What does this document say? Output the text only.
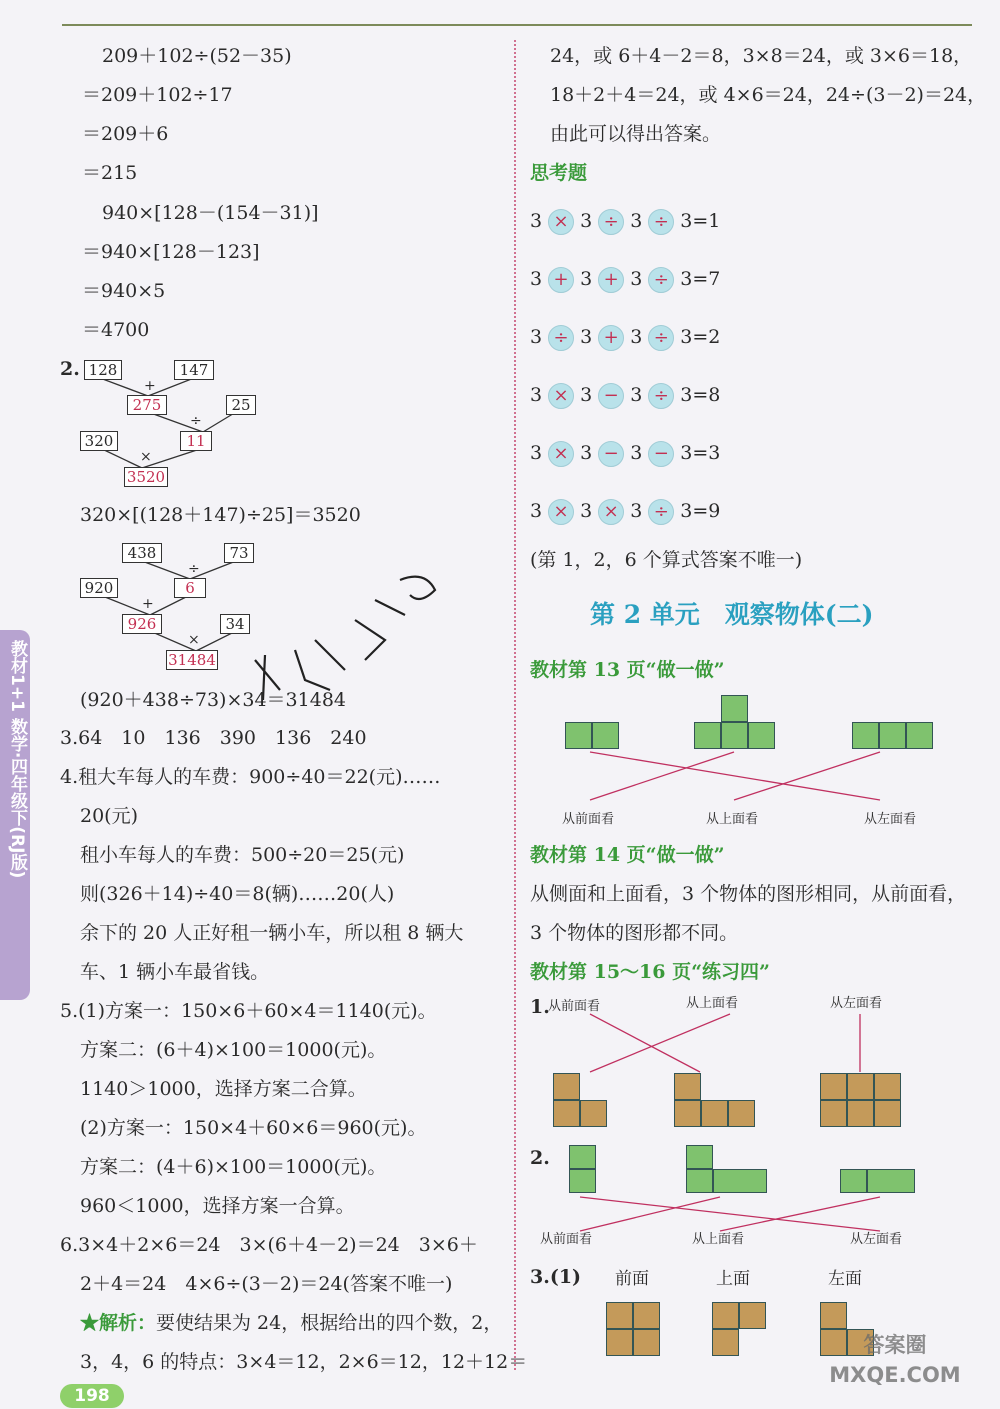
教材1+1 数学·四年级下(RJ版)
209＋102÷(52－35)
＝209＋102÷17
＝209＋6
＝215
940×[128－(154－31)]
＝940×[128－123]
＝940×5
＝4700
2. 128	147
+
275	25
÷
320	11
×
3520
320×[(128＋147)÷25]＝3520
438	73
÷
920	6
+
926	34
×
31484
(920＋438÷73)×34＝31484
3.64　10　136　390　136　240
4.租大车每人的车费：900÷40＝22(元)……
20(元)
租小车每人的车费：500÷20＝25(元)
则(326＋14)÷40＝8(辆)……20(人)
余下的 20 人正好租一辆小车，所以租 8 辆大
车、1 辆小车最省钱。
5.(1)方案一：150×6＋60×4＝1140(元)。
方案二：(6＋4)×100＝1000(元)。
1140＞1000，选择方案二合算。
(2)方案一：150×4＋60×6＝960(元)。
方案二：(4＋6)×100＝1000(元)。
960＜1000，选择方案一合算。
6.3×4＋2×6＝24　3×(6＋4－2)＝24　3×6＋
2＋4＝24　4×6÷(3－2)＝24(答案不唯一)
★解析：要使结果为 24，根据给出的四个数，2，
3，4，6 的特点：3×4＝12，2×6＝12，12＋12＝
198
24，或 6＋4－2＝8，3×8＝24，或 3×6＝18，
18＋2＋4＝24，或 4×6＝24，24÷(3－2)＝24，
由此可以得出答案。
思考题
3 × 3 ÷ 3 ÷ 3=1
3 + 3 + 3 ÷ 3=7
3 ÷ 3 + 3 ÷ 3=2
3 × 3 − 3 ÷ 3=8
3 × 3 − 3 − 3=3
3 × 3 × 3 ÷ 3=9
(第 1，2，6 个算式答案不唯一)
第 2 单元　观察物体(二)
教材第 13 页“做一做”
从前面看	从上面看	从左面看
教材第 14 页“做一做”
从侧面和上面看，3 个物体的图形相同，从前面看，
3 个物体的图形都不同。
教材第 15～16 页“练习四”
1.
从前面看	从上面看	从左面看
2.
从前面看	从上面看	从左面看
3.(1) 前面	上面	左面
答案圈 MXQE.COM
